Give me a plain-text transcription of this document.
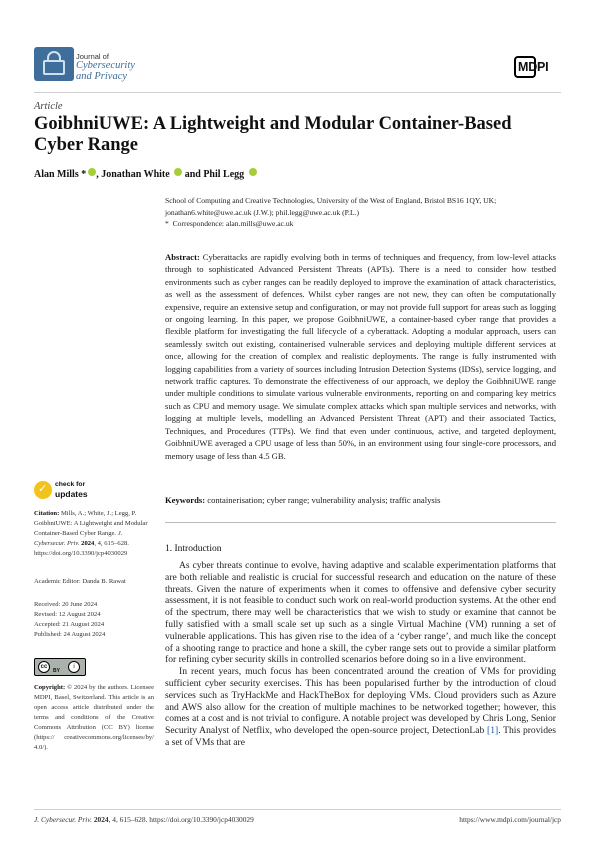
Journal of
Cybersecurity
and Privacy
MDPI
Article
GoibhniUWE: A Lightweight and Modular Container-Based Cyber Range
Alan Mills * , Jonathan White  and Phil Legg
School of Computing and Creative Technologies, University of the West of England, Bristol BS16 1QY, UK; jonathan6.white@uwe.ac.uk (J.W.); phil.legg@uwe.ac.uk (P.L.)
* Correspondence: alan.mills@uwe.ac.uk
Abstract: Cyberattacks are rapidly evolving both in terms of techniques and frequency, from low-level attacks through to sophisticated Advanced Persistent Threats (APTs). There is a need to consider how testbed environments such as cyber ranges can be readily deployed to improve the examination of attack characteristics, as well as the assessment of defences. Whilst cyber ranges are not new, they can often be computationally expensive, require an extensive setup and configuration, or may not provide full support for areas such as logging or ongoing learning. In this paper, we propose GoibhniUWE, a container-based cyber range that provides a flexible platform for investigating the full lifecycle of a cyberattack. Adopting a modular approach, users can seamlessly switch out existing, containerised vulnerable services and deploying multiple different services at once, allowing for the creation of complex and realistic deployments. The range is fully instrumented with logging capabilities from a variety of sources including Intrusion Detection Systems (IDSs), service logging, and network traffic captures. To demonstrate the effectiveness of our approach, we deploy the GoibhniUWE range under multiple conditions to simulate various vulnerable environments, reporting on and comparing key metrics such as CPU and memory usage. We simulate complex attacks which span multiple services and networks, with logging at multiple levels, modelling an Advanced Persistent Threat (APT) and their associated Tactics, Techniques, and Procedures (TTPs). We find that even under continuous, active, and targeted deployment, GoibhniUWE averaged a CPU usage of less than 50%, in an environment using four single-core processors, and memory usage of less than 4.5 GB.
Keywords: containerisation; cyber range; vulnerability analysis; traffic analysis
✓
check for
updates
Citation: Mills, A.; White, J.; Legg, P. GoibhniUWE: A Lightweight and Modular Container-Based Cyber Range. J. Cybersecur. Priv. 2024, 4, 615–628. https://doi.org/10.3390/jcp4030029
Academic Editor: Danda B. Rawat
Received: 20 June 2024
Revised: 12 August 2024
Accepted: 21 August 2024
Published: 24 August 2024
cc
BY
i
Copyright: © 2024 by the authors. Licensee MDPI, Basel, Switzerland. This article is an open access article distributed under the terms and conditions of the Creative Commons Attribution (CC BY) license (https:// creativecommons.org/licenses/by/ 4.0/).
1. Introduction

As cyber threats continue to evolve, having adaptive and scalable experimentation platforms that are both reliable and realistic is crucial for successful research and education on the nature of these threats. Given the nature of experiments when it comes to offensive and defensive cyber security assessment, it is not feasible to conduct such work on real-world production systems. At the other end of the spectrum, there may well be characteristics that we wish to study or examine that cannot be fully satisfied with a small scale set up such as a single Virtual Machine (VM) running a set of vulnerable applications. This has given rise to the idea of a ‘cyber range’, and much like the concept of a shooting range to practice and hone a skill, the cyber range sets out to provide a similar platform for refining cyber security skills in controlled scenarios before doing so in a live environment.

In recent years, much focus has been concentrated around the creation of VMs for providing sufficient cyber security exercises. This has been popularised further by the introduction of cloud services such as TryHackMe and HackTheBox for deploying VMs. Cloud providers such as Azure and AWS also allow for the creation of multiple machines to be networked together; however, this comes at a cost and is not trivial to configure. A notable project was developed by Chris Long, Senior Security Analyst of Netflix, who developed the open-source project, DetectionLab [1]. This provides a set of VMs that are

J. Cybersecur. Priv. 2024, 4, 615–628. https://doi.org/10.3390/jcp4030029	https://www.mdpi.com/journal/jcp
